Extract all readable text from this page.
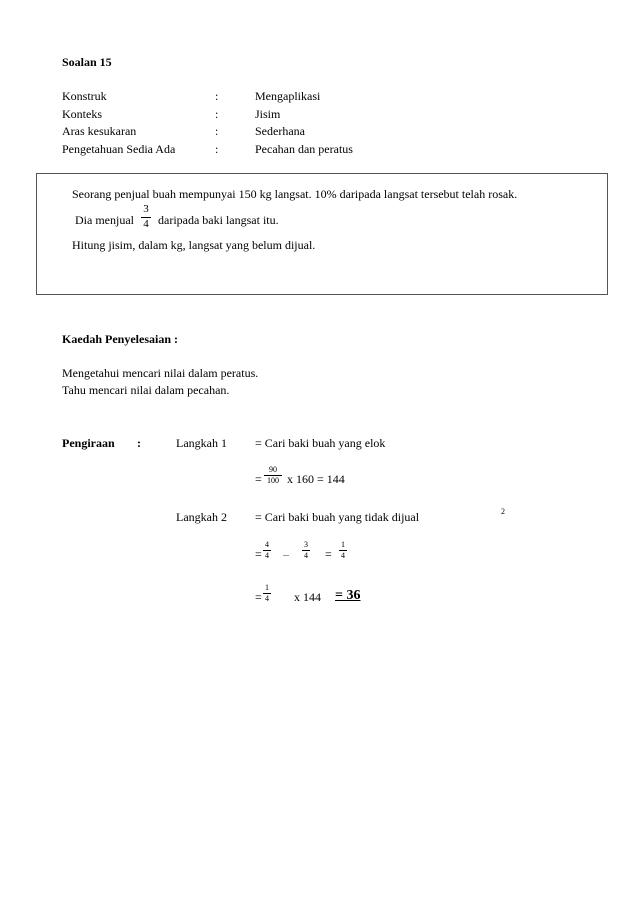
Soalan 15
Konstruk	:	Mengaplikasi
Konteks	:	Jisim
Aras kesukaran	:	Sederhana
Pengetahuan Sedia Ada	:	Pecahan dan peratus
Seorang penjual buah mempunyai 150 kg langsat. 10% daripada langsat tersebut telah rosak.
Dia menjual
3
4 daripada baki langsat itu.
Hitung jisim, dalam kg, langsat yang belum dijual.
Kaedah Penyelesaian :
Mengetahui mencari nilai dalam peratus.
Tahu mencari nilai dalam pecahan.
Pengiraan :	Langkah 1 = Cari baki buah yang elok
=
90
100 x 160 = 144
Langkah 2 = Cari baki buah yang tidak dijual	2
=
4
4 –
3
4 =
1
4
=
1
4 x 144 = 36
